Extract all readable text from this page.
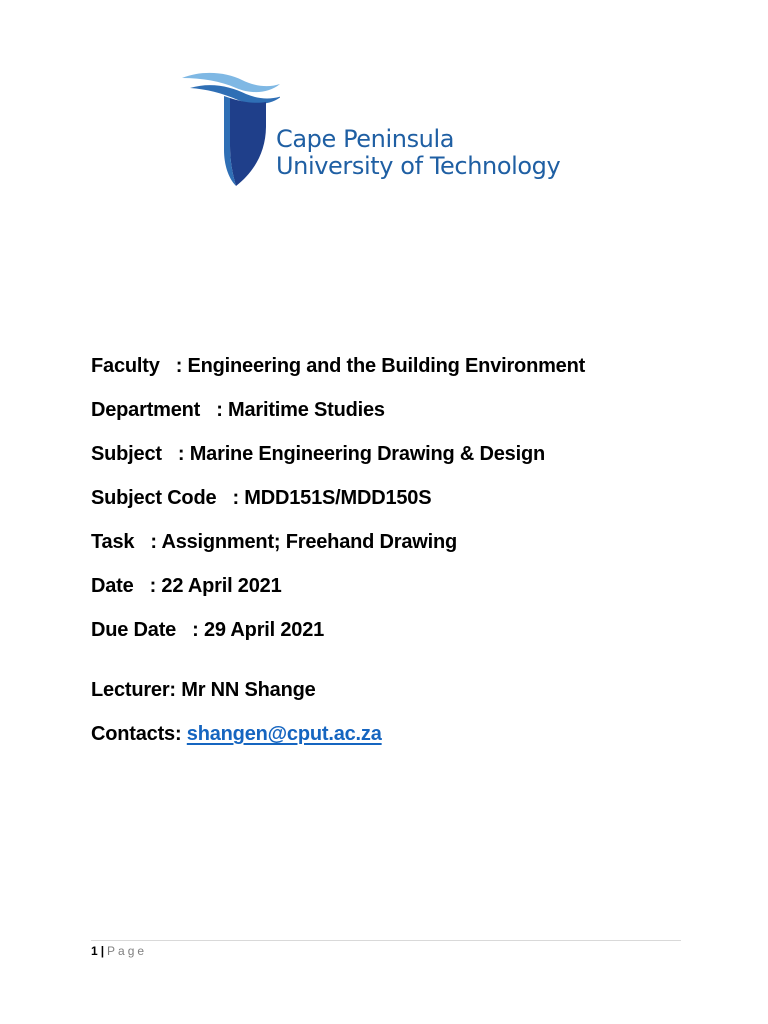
Cape Peninsula
University of Technology
Faculty   : Engineering and the Building Environment
Department   : Maritime Studies
Subject   : Marine Engineering Drawing & Design
Subject Code   : MDD151S/MDD150S
Task   : Assignment; Freehand Drawing
Date   : 22 April 2021
Due Date   : 29 April 2021
Lecturer: Mr NN Shange
Contacts: shangen@cput.ac.za
1 | Page
